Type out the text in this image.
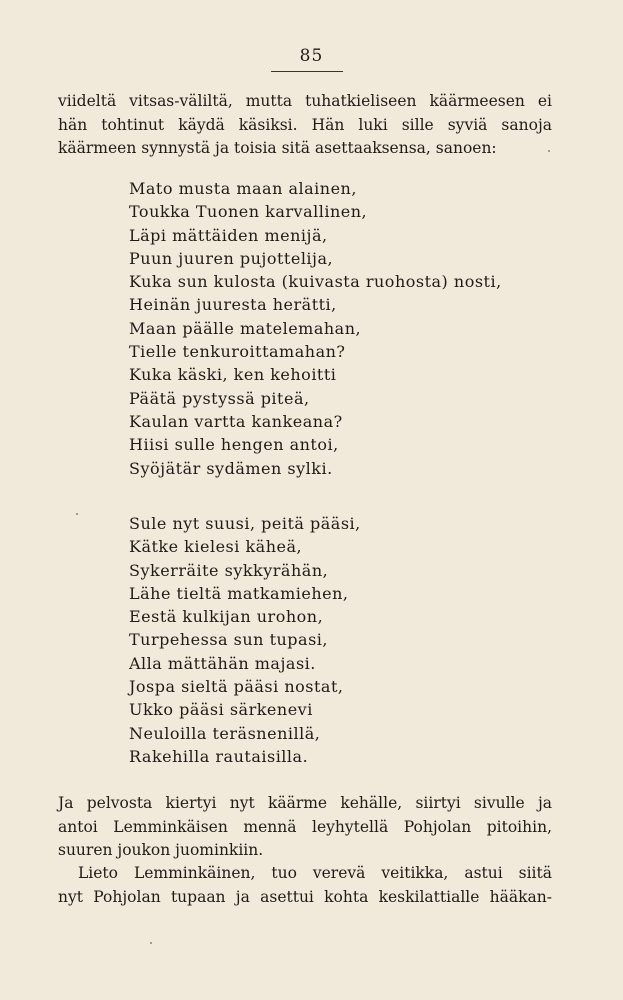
85

viideltä vitsas-väliltä, mutta tuhatkieliseen käärmeesen ei
hän tohtinut käydä käsiksi. Hän luki sille syviä sanoja
käärmeen synnystä ja toisia sitä asettaaksensa, sanoen:

Mato musta maan alainen,
Toukka Tuonen karvallinen,
Läpi mättäiden menijä,
Puun juuren pujottelija,
Kuka sun kulosta (kuivasta ruohosta) nosti,
Heinän juuresta herätti,
Maan päälle matelemahan,
Tielle tenkuroittamahan?
Kuka käski, ken kehoitti
Päätä pystyssä piteä,
Kaulan vartta kankeana?
Hiisi sulle hengen antoi,
Syöjätär sydämen sylki.
Sule nyt suusi, peitä pääsi,
Kätke kielesi käheä,
Sykerräite sykkyrähän,
Lähe tieltä matkamiehen,
Eestä kulkijan urohon,
Turpehessa sun tupasi,
Alla mättähän majasi.
Jospa sieltä pääsi nostat,
Ukko pääsi särkenevi
Neuloilla teräsnenillä,
Rakehilla rautaisilla.

Ja pelvosta kiertyi nyt käärme kehälle, siirtyi sivulle ja
antoi Lemminkäisen mennä leyhytellä Pohjolan pitoihin,
suuren joukon juominkiin.

Lieto Lemminkäinen, tuo verevä veitikka, astui siitä
nyt Pohjolan tupaan ja asettui kohta keskilattialle hääkan-
